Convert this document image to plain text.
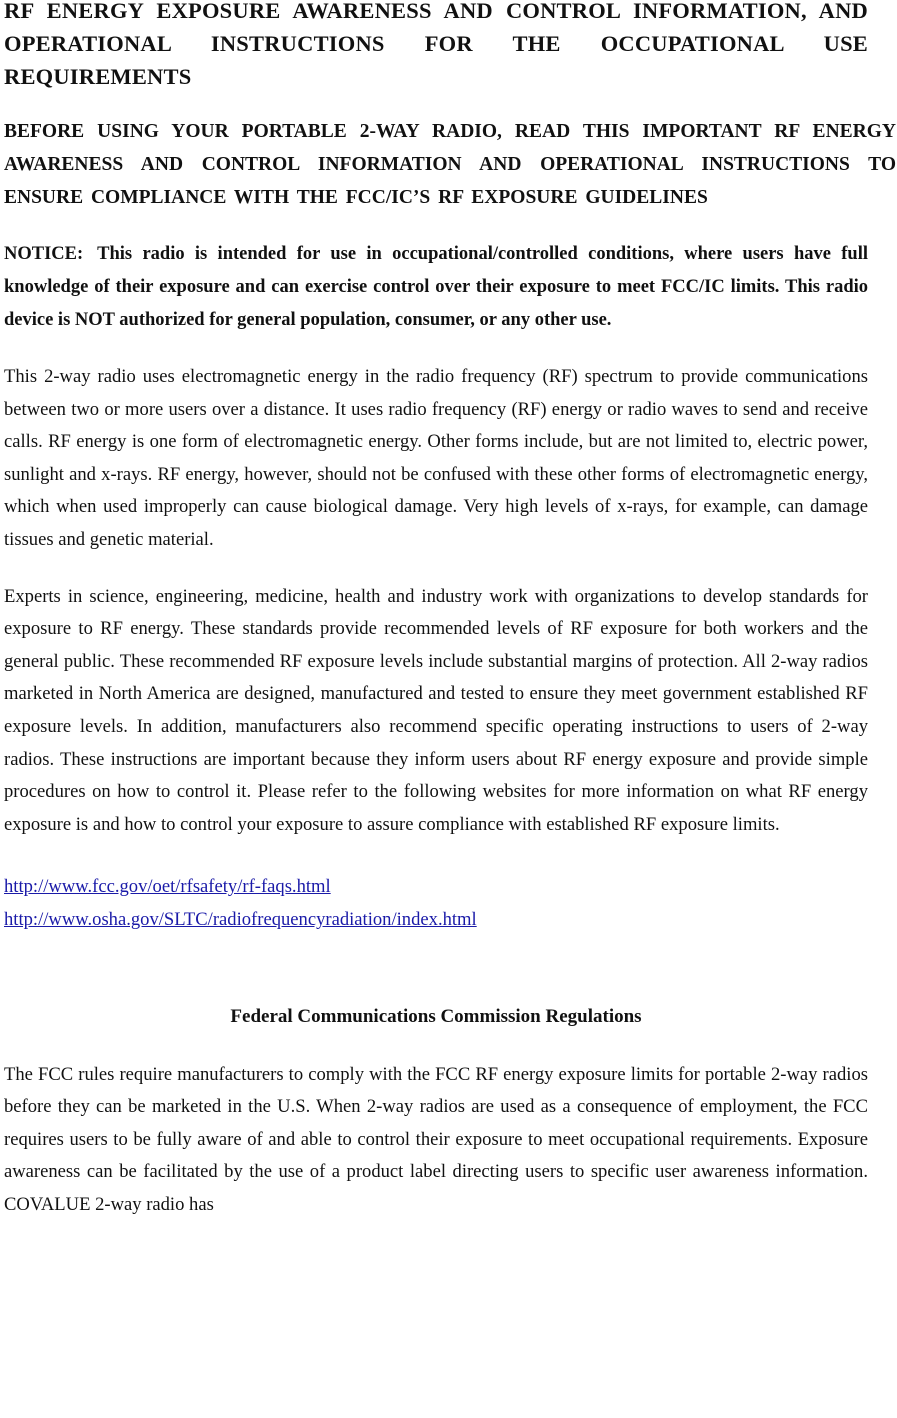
RF ENERGY EXPOSURE AWARENESS AND CONTROL INFORMATION, AND OPERATIONAL INSTRUCTIONS FOR THE OCCUPATIONAL USE REQUIREMENTS

BEFORE USING YOUR PORTABLE 2-WAY RADIO, READ THIS IMPORTANT RF ENERGY AWARENESS AND CONTROL INFORMATION AND OPERATIONAL INSTRUCTIONS TO ENSURE COMPLIANCE WITH THE FCC/IC’S RF EXPOSURE GUIDELINES

NOTICE: This radio is intended for use in occupational/controlled conditions, where users have full knowledge of their exposure and can exercise control over their exposure to meet FCC/IC limits. This radio device is NOT authorized for general population, consumer, or any other use.

This 2-way radio uses electromagnetic energy in the radio frequency (RF) spectrum to provide communications between two or more users over a distance. It uses radio frequency (RF) energy or radio waves to send and receive calls. RF energy is one form of electromagnetic energy. Other forms include, but are not limited to, electric power, sunlight and x-rays. RF energy, however, should not be confused with these other forms of electromagnetic energy, which when used improperly can cause biological damage. Very high levels of x-rays, for example, can damage tissues and genetic material.

Experts in science, engineering, medicine, health and industry work with organizations to develop standards for exposure to RF energy. These standards provide recommended levels of RF exposure for both workers and the general public. These recommended RF exposure levels include substantial margins of protection. All 2-way radios marketed in North America are designed, manufactured and tested to ensure they meet government established RF exposure levels. In addition, manufacturers also recommend specific operating instructions to users of 2-way radios. These instructions are important because they inform users about RF energy exposure and provide simple procedures on how to control it. Please refer to the following websites for more information on what RF energy exposure is and how to control your exposure to assure compliance with established RF exposure limits.

http://www.fcc.gov/oet/rfsafety/rf-faqs.html
http://www.osha.gov/SLTC/radiofrequencyradiation/index.html

Federal Communications Commission Regulations

The FCC rules require manufacturers to comply with the FCC RF energy exposure limits for portable 2-way radios before they can be marketed in the U.S. When 2-way radios are used as a consequence of employment, the FCC requires users to be fully aware of and able to control their exposure to meet occupational requirements. Exposure awareness can be facilitated by the use of a product label directing users to specific user awareness information. COVALUE 2-way radio has
